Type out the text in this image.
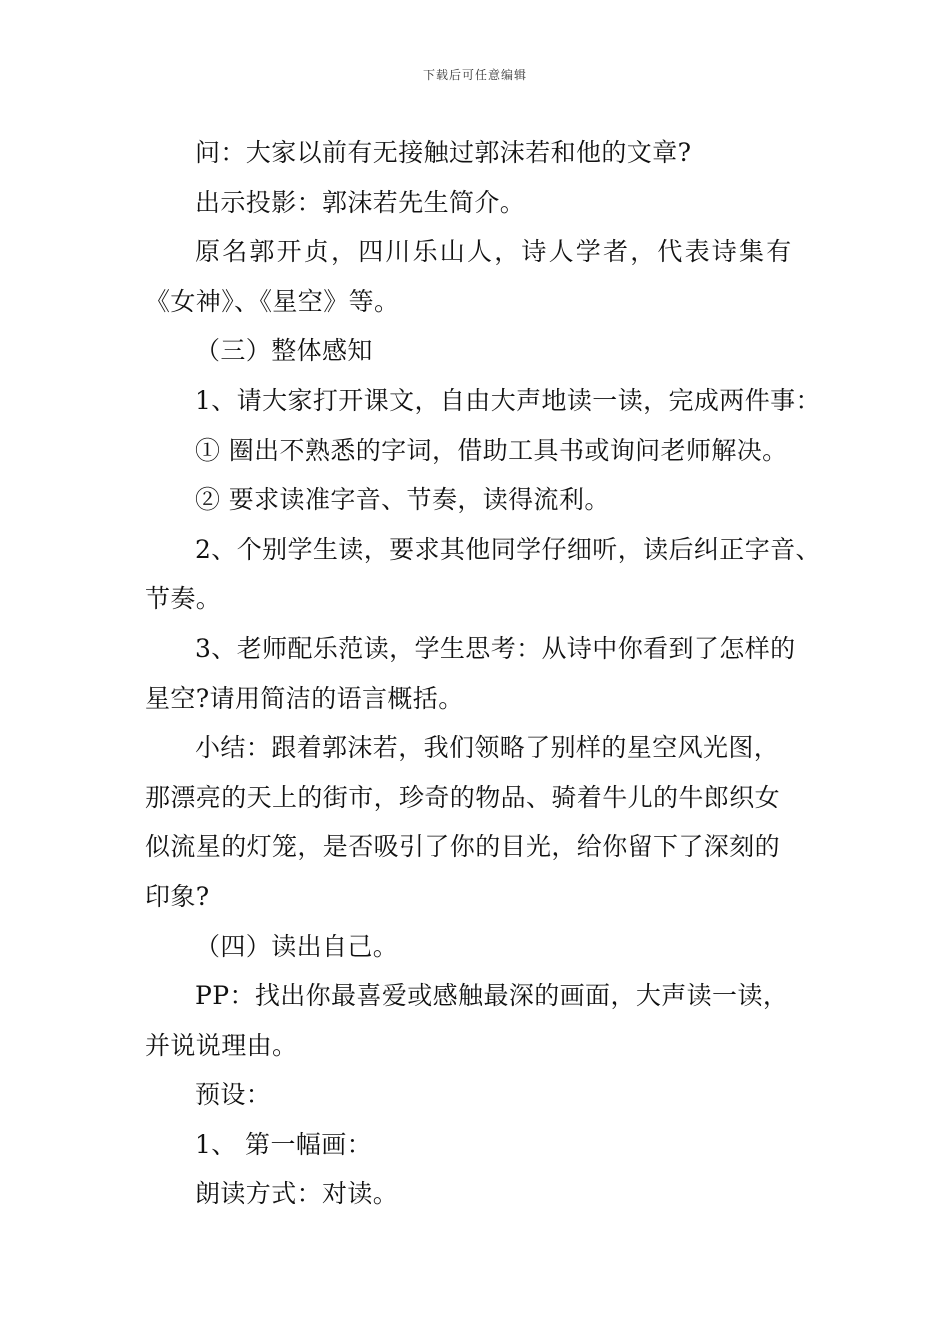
下载后可任意编辑
问：大家以前有无接触过郭沫若和他的文章?
出示投影：郭沫若先生简介。
原名郭开贞，四川乐山人，诗人学者，代表诗集有
《女神》、《星空》等。
（三）整体感知
1、请大家打开课文，自由大声地读一读，完成两件事：
① 圈出不熟悉的字词，借助工具书或询问老师解决。
② 要求读准字音、节奏，读得流利。
2、个别学生读，要求其他同学仔细听，读后纠正字音、
节奏。
3、老师配乐范读，学生思考：从诗中你看到了怎样的
星空?请用简洁的语言概括。
小结：跟着郭沫若，我们领略了别样的星空风光图，
那漂亮的天上的街市，珍奇的物品、骑着牛儿的牛郎织女
似流星的灯笼，是否吸引了你的目光，给你留下了深刻的
印象?
（四）读出自己。
PP：找出你最喜爱或感触最深的画面，大声读一读，
并说说理由。
预设：
1、 第一幅画：
朗读方式：对读。
